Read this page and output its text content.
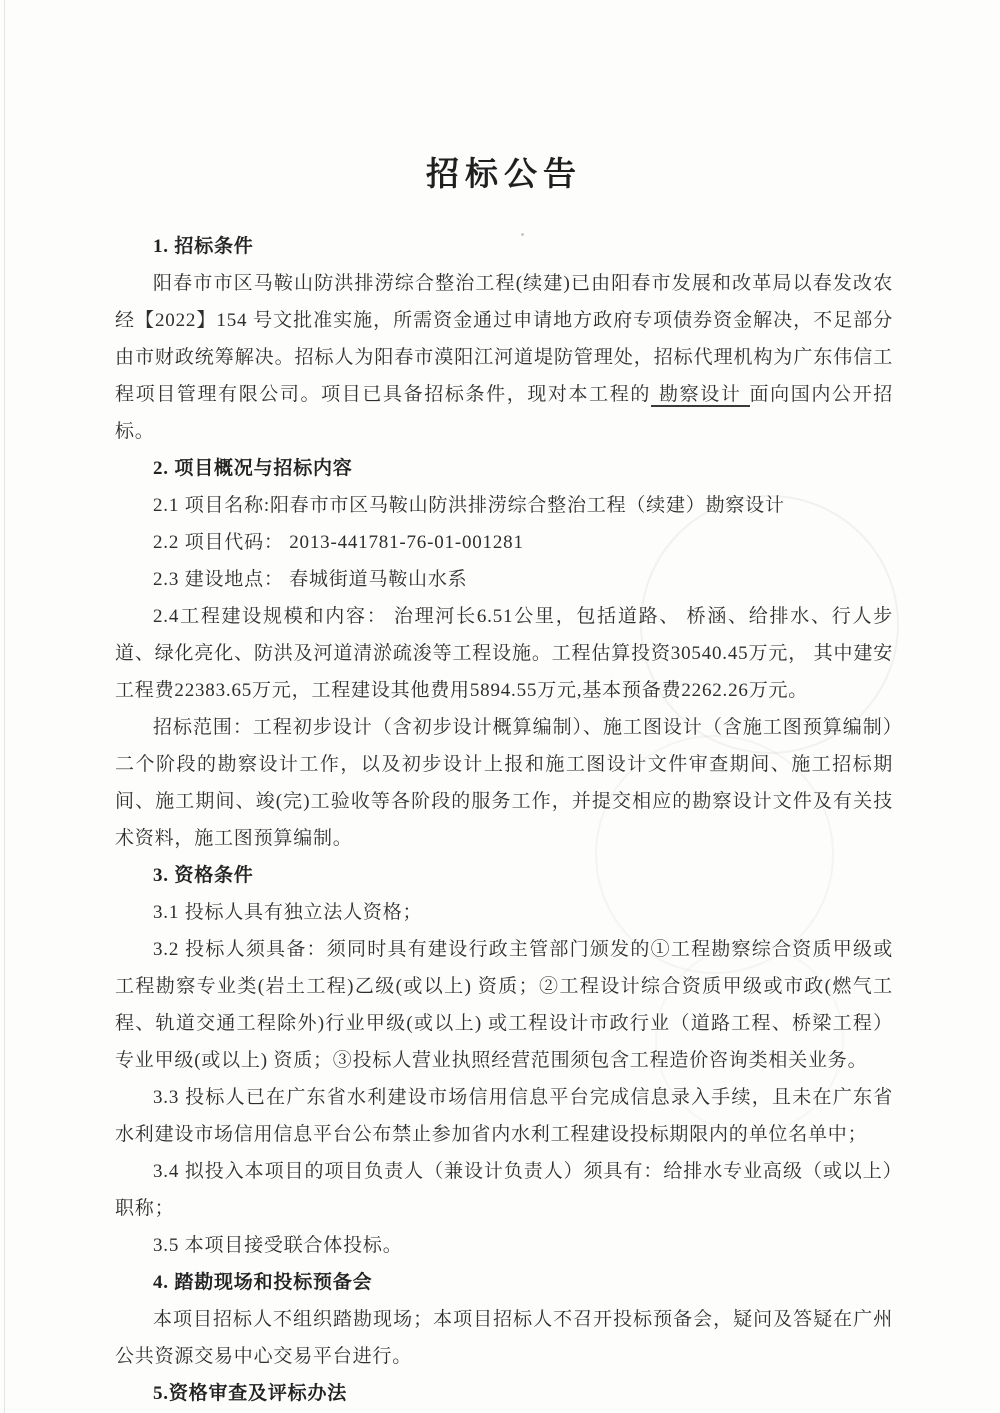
招标公告

1. 招标条件

阳春市市区马鞍山防洪排涝综合整治工程(续建)已由阳春市发展和改革局以春发改农经【2022】154 号文批准实施，所需资金通过申请地方政府专项债券资金解决，不足部分由市财政统筹解决。招标人为阳春市漠阳江河道堤防管理处，招标代理机构为广东伟信工程项目管理有限公司。项目已具备招标条件，现对本工程的 勘察设计 面向国内公开招标。

2. 项目概况与招标内容

2.1 项目名称:阳春市市区马鞍山防洪排涝综合整治工程（续建）勘察设计

2.2 项目代码： 2013-441781-76-01-001281

2.3 建设地点： 春城街道马鞍山水系

2.4工程建设规模和内容： 治理河长6.51公里，包括道路、 桥涵、给排水、行人步道、绿化亮化、防洪及河道清淤疏浚等工程设施。工程估算投资30540.45万元， 其中建安工程费22383.65万元，工程建设其他费用5894.55万元,基本预备费2262.26万元。

招标范围：工程初步设计（含初步设计概算编制）、施工图设计（含施工图预算编制）二个阶段的勘察设计工作，以及初步设计上报和施工图设计文件审查期间、施工招标期间、施工期间、竣(完)工验收等各阶段的服务工作，并提交相应的勘察设计文件及有关技术资料，施工图预算编制。

3. 资格条件

3.1 投标人具有独立法人资格；

3.2 投标人须具备：须同时具有建设行政主管部门颁发的①工程勘察综合资质甲级或工程勘察专业类(岩土工程)乙级(或以上) 资质；②工程设计综合资质甲级或市政(燃气工程、轨道交通工程除外)行业甲级(或以上) 或工程设计市政行业（道路工程、桥梁工程）专业甲级(或以上) 资质；③投标人营业执照经营范围须包含工程造价咨询类相关业务。

3.3 投标人已在广东省水利建设市场信用信息平台完成信息录入手续，且未在广东省水利建设市场信用信息平台公布禁止参加省内水利工程建设投标期限内的单位名单中；

3.4 拟投入本项目的项目负责人（兼设计负责人）须具有：给排水专业高级（或以上）职称；

3.5 本项目接受联合体投标。

4. 踏勘现场和投标预备会

本项目招标人不组织踏勘现场；本项目招标人不召开投标预备会，疑问及答疑在广州公共资源交易中心交易平台进行。

5.资格审查及评标办法
